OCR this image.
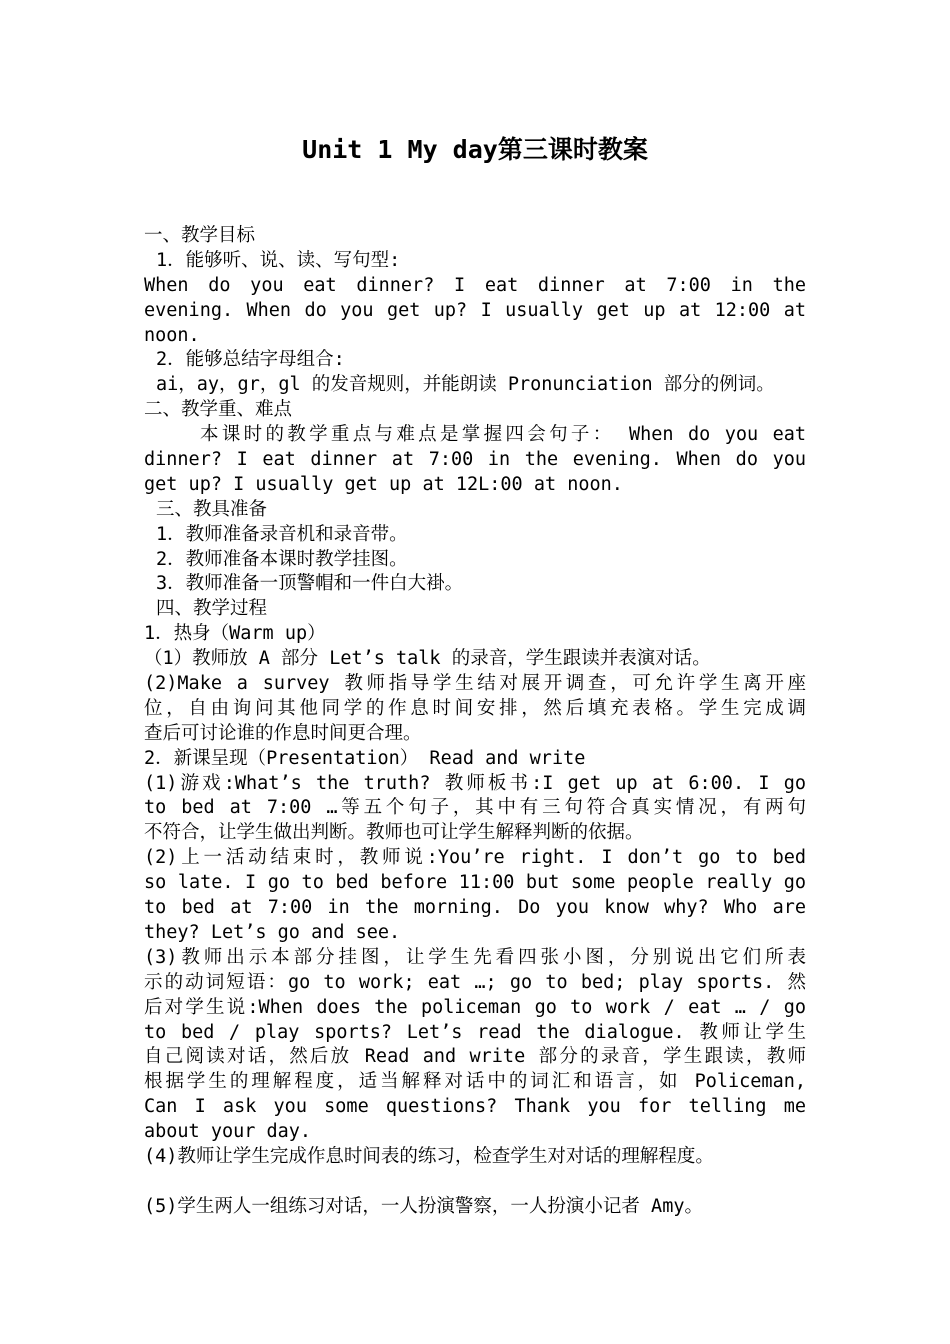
Unit 1 My day第三课时教案
一、教学目标
1．能够听、说、读、写句型:
When do you eat dinner? I eat dinner at 7:00 in the
evening. When do you get up? I usually get up at 12:00 at
noon.
2．能够总结字母组合:
ai，ay，gr，gl 的发音规则，并能朗读 Pronunciation 部分的例词。
二、教学重、难点
本课时的教学重点与难点是掌握四会句子： When do you eat
dinner? I eat dinner at 7:00 in the evening. When do you
get up? I usually get up at 12L:00 at noon.
三、教具准备
1．教师准备录音机和录音带。
2．教师准备本课时教学挂图。
3．教师准备一顶警帽和一件白大褂。
四、教学过程
1．热身（Warm up）
（1）教师放 A 部分 Let’s talk 的录音，学生跟读并表演对话。
(2)Make a survey 教师指导学生结对展开调查，可允许学生离开座
位，自由询问其他同学的作息时间安排，然后填充表格。学生完成调
查后可讨论谁的作息时间更合理。
2．新课呈现（Presentation） Read and write
(1)游戏:What’s the truth? 教师板书:I get up at 6:00. I go
to bed at 7:00 …等五个句子，其中有三句符合真实情况，有两句
不符合，让学生做出判断。教师也可让学生解释判断的依据。
(2)上一活动结束时，教师说:You’re right. I don’t go to bed
so late. I go to bed before 11:00 but some people really go
to bed at 7:00 in the morning. Do you know why? Who are
they? Let’s go and see.
(3)教师出示本部分挂图，让学生先看四张小图，分别说出它们所表
示的动词短语：go to work; eat …; go to bed; play sports. 然
后对学生说:When does the policeman go to work / eat … / go
to bed / play sports? Let’s read the dialogue. 教师让学生
自己阅读对话，然后放 Read and write 部分的录音，学生跟读，教师
根据学生的理解程度，适当解释对话中的词汇和语言，如 Policeman,
Can I ask you some questions? Thank you for telling me
about your day.
(4)教师让学生完成作息时间表的练习，检查学生对对话的理解程度。
(5)学生两人一组练习对话，一人扮演警察，一人扮演小记者 Amy。
